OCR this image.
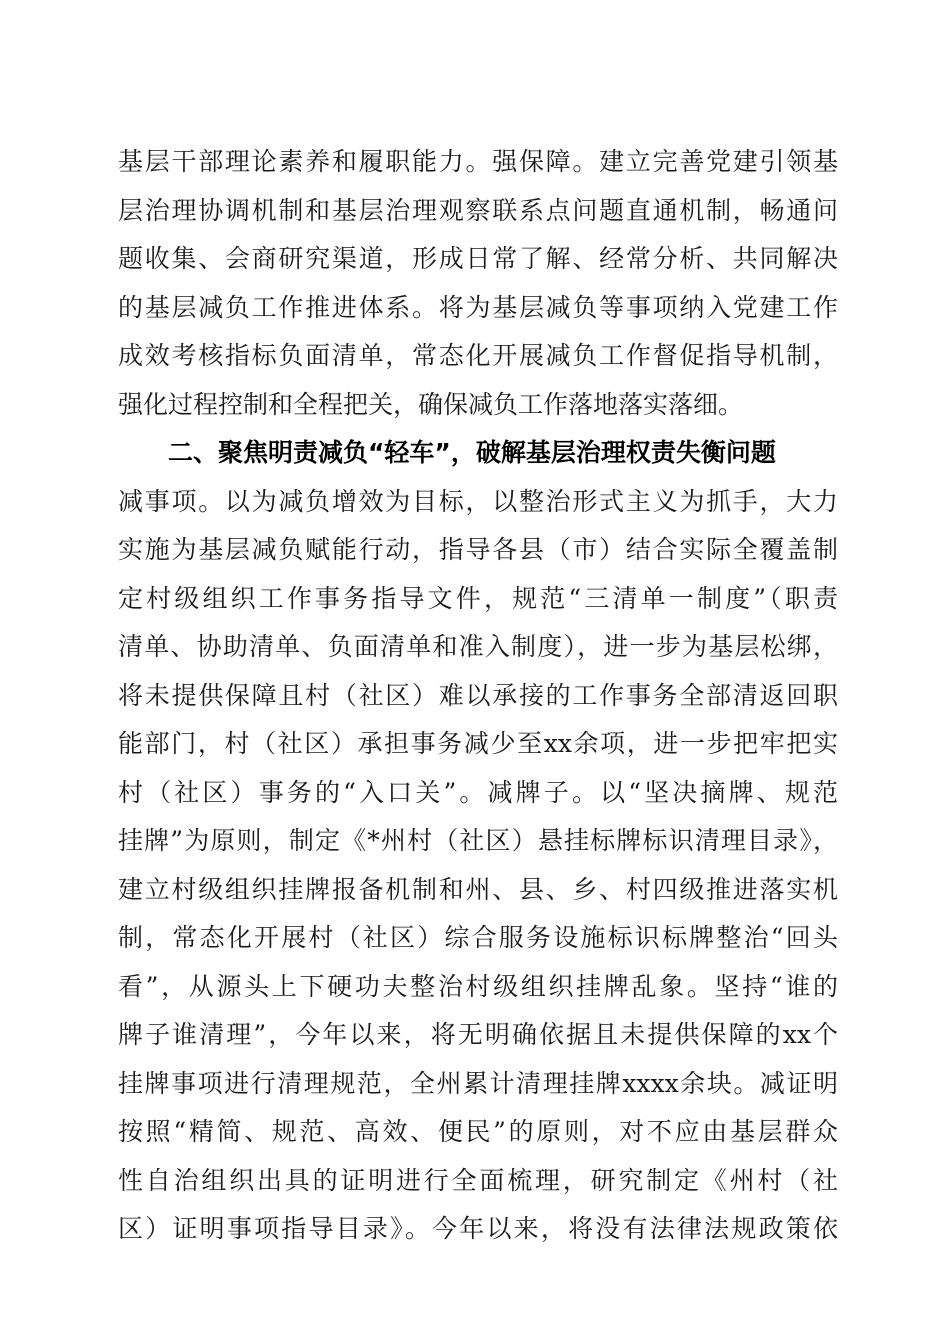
基层干部理论素养和履职能力。强保障。建立完善党建引领基
层治理协调机制和基层治理观察联系点问题直通机制，畅通问
题收集、会商研究渠道，形成日常了解、经常分析、共同解决
的基层减负工作推进体系。将为基层减负等事项纳入党建工作
成效考核指标负面清单，常态化开展减负工作督促指导机制，
强化过程控制和全程把关，确保减负工作落地落实落细。
二、聚焦明责减负“轻车”，破解基层治理权责失衡问题
减事项。以为减负增效为目标，以整治形式主义为抓手，大力
实施为基层减负赋能行动，指导各县（市）结合实际全覆盖制
定村级组织工作事务指导文件，规范“三清单一制度”（职责
清单、协助清单、负面清单和准入制度），进一步为基层松绑，
将未提供保障且村（社区）难以承接的工作事务全部清返回职
能部门，村（社区）承担事务减少至xx余项，进一步把牢把实
村（社区）事务的“入口关”。减牌子。以“坚决摘牌、规范
挂牌”为原则，制定《*州村（社区）悬挂标牌标识清理目录》，
建立村级组织挂牌报备机制和州、县、乡、村四级推进落实机
制，常态化开展村（社区）综合服务设施标识标牌整治“回头
看”，从源头上下硬功夫整治村级组织挂牌乱象。坚持“谁的
牌子谁清理”，今年以来，将无明确依据且未提供保障的xx个
挂牌事项进行清理规范，全州累计清理挂牌xxxx余块。减证明
按照“精简、规范、高效、便民”的原则，对不应由基层群众
性自治组织出具的证明进行全面梳理，研究制定《州村（社
区）证明事项指导目录》。今年以来，将没有法律法规政策依
